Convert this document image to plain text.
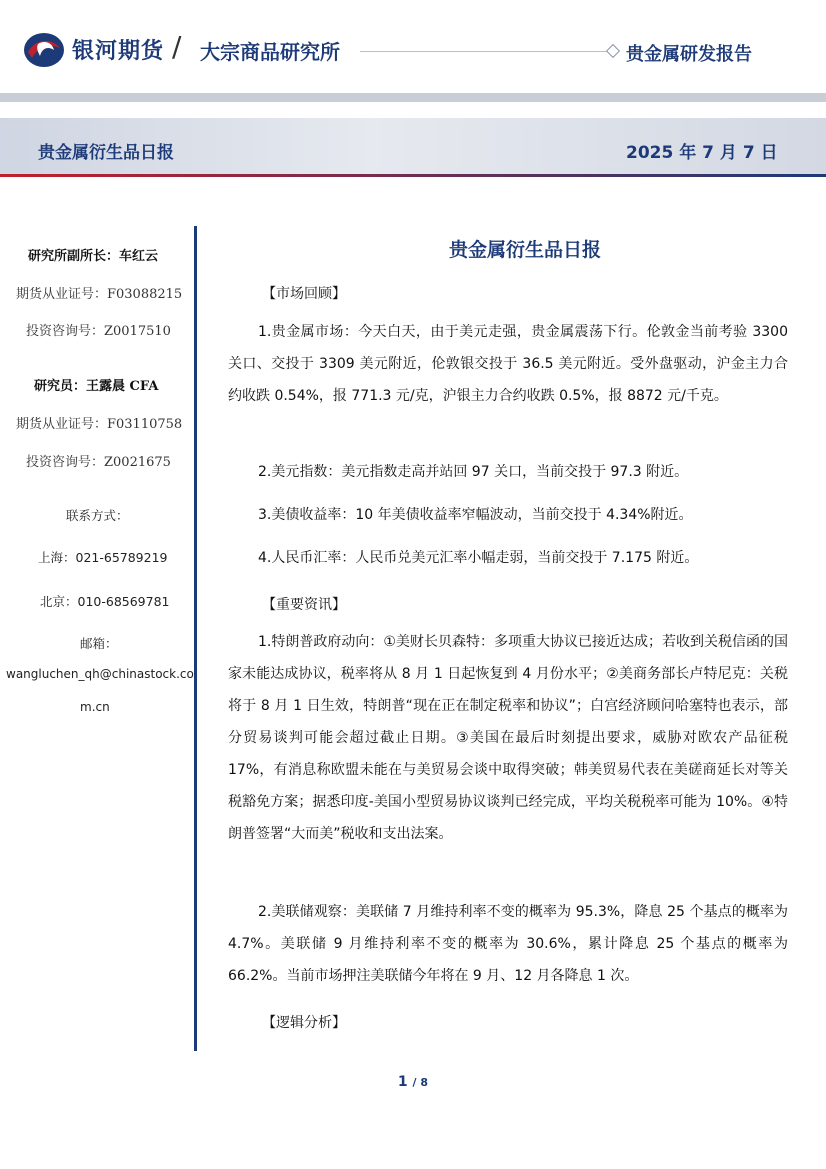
银河期货 / 大宗商品研究所	贵金属研发报告
贵金属衍生品日报	2025 年 7 月 7 日
研究所副所长：车红云
期货从业证号：F03088215
投资咨询号：Z0017510
研究员：王露晨 CFA
期货从业证号：F03110758
投资咨询号：Z0021675
联系方式：
上海：021-65789219
北京：010-68569781
邮箱：
wangluchen_qh@chinastock.co
m.cn
贵金属衍生品日报
【市场回顾】

1.贵金属市场：今天白天，由于美元走强，贵金属震荡下行。伦敦金当前考验 3300 关口、交投于 3309 美元附近，伦敦银交投于 36.5 美元附近。受外盘驱动，沪金主力合约收跌 0.54%，报 771.3 元/克，沪银主力合约收跌 0.5%，报 8872 元/千克。

2.美元指数：美元指数走高并站回 97 关口，当前交投于 97.3 附近。

3.美债收益率：10 年美债收益率窄幅波动，当前交投于 4.34%附近。

4.人民币汇率：人民币兑美元汇率小幅走弱，当前交投于 7.175 附近。

【重要资讯】

1.特朗普政府动向：①美财长贝森特：多项重大协议已接近达成；若收到关税信函的国家未能达成协议，税率将从 8 月 1 日起恢复到 4 月份水平；②美商务部长卢特尼克：关税将于 8 月 1 日生效，特朗普“现在正在制定税率和协议”；白宫经济顾问哈塞特也表示，部分贸易谈判可能会超过截止日期。③美国在最后时刻提出要求，威胁对欧农产品征税 17%，有消息称欧盟未能在与美贸易会谈中取得突破；韩美贸易代表在美磋商延长对等关税豁免方案；据悉印度-美国小型贸易协议谈判已经完成，平均关税税率可能为 10%。④特朗普签署“大而美”税收和支出法案。

2.美联储观察：美联储 7 月维持利率不变的概率为 95.3%，降息 25 个基点的概率为 4.7%。美联储 9 月维持利率不变的概率为 30.6%，累计降息 25 个基点的概率为 66.2%。当前市场押注美联储今年将在 9 月、12 月各降息 1 次。

【逻辑分析】
1 / 8
